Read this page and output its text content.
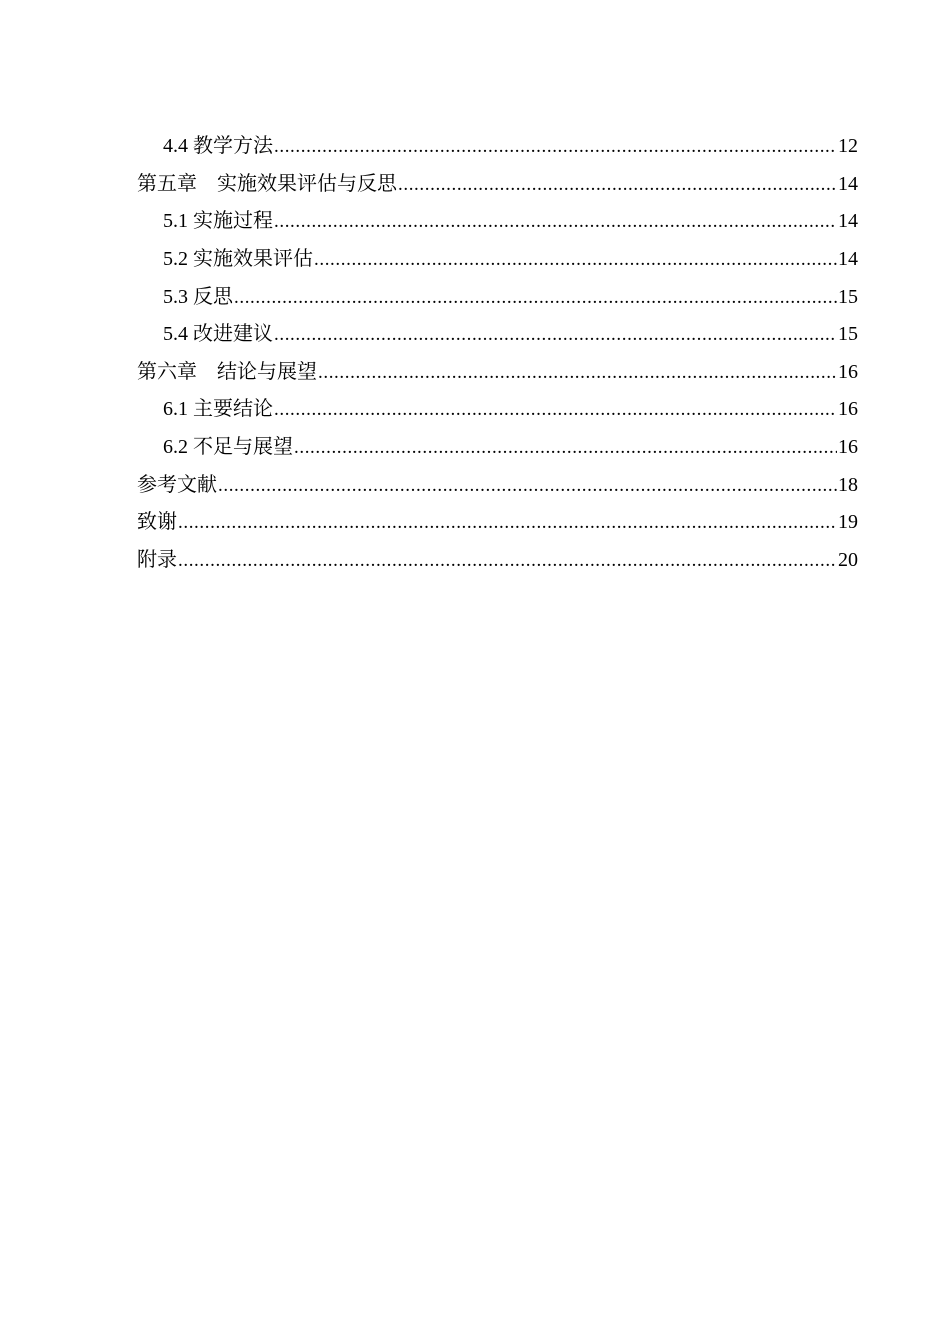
4.4 教学方法 .....	12
第五章　实施效果评估与反思 .....	14
5.1 实施过程 .....	14
5.2 实施效果评估 .....	14
5.3 反思 .....	15
5.4 改进建议 .....	15
第六章　结论与展望 .....	16
6.1 主要结论 .....	16
6.2 不足与展望 .....	16
参考文献 .....	18
致谢 .....	19
附录 .....	20
